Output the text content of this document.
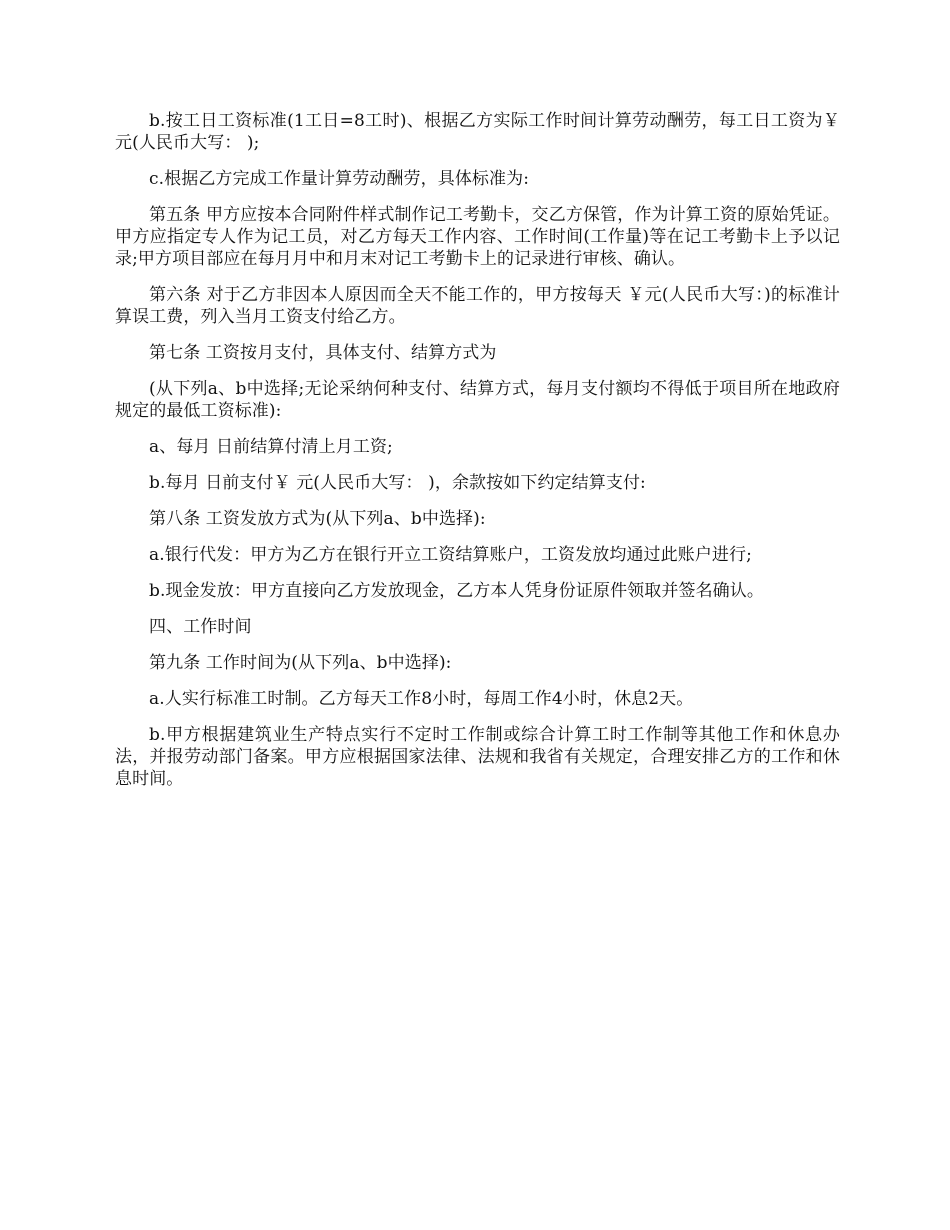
b.按工日工资标准(1工日=8工时)、根据乙方实际工作时间计算劳动酬劳，每工日工资为￥ 元(人民币大写： );

c.根据乙方完成工作量计算劳动酬劳，具体标准为:

第五条 甲方应按本合同附件样式制作记工考勤卡，交乙方保管，作为计算工资的原始凭证。甲方应指定专人作为记工员，对乙方每天工作内容、工作时间(工作量)等在记工考勤卡上予以记录;甲方项目部应在每月月中和月末对记工考勤卡上的记录进行审核、确认。

第六条 对于乙方非因本人原因而全天不能工作的，甲方按每天 ￥元(人民币大写：)的标准计算误工费，列入当月工资支付给乙方。

第七条 工资按月支付，具体支付、结算方式为

(从下列a、b中选择;无论采纳何种支付、结算方式，每月支付额均不得低于项目所在地政府规定的最低工资标准):

a、每月 日前结算付清上月工资;

b.每月 日前支付￥ 元(人民币大写： )，余款按如下约定结算支付:

第八条 工资发放方式为(从下列a、b中选择):

a.银行代发：甲方为乙方在银行开立工资结算账户，工资发放均通过此账户进行;

b.现金发放：甲方直接向乙方发放现金，乙方本人凭身份证原件领取并签名确认。

四、工作时间

第九条 工作时间为(从下列a、b中选择):

a.人实行标准工时制。乙方每天工作8小时，每周工作4小时，休息2天。

b.甲方根据建筑业生产特点实行不定时工作制或综合计算工时工作制等其他工作和休息办法，并报劳动部门备案。甲方应根据国家法律、法规和我省有关规定，合理安排乙方的工作和休息时间。
